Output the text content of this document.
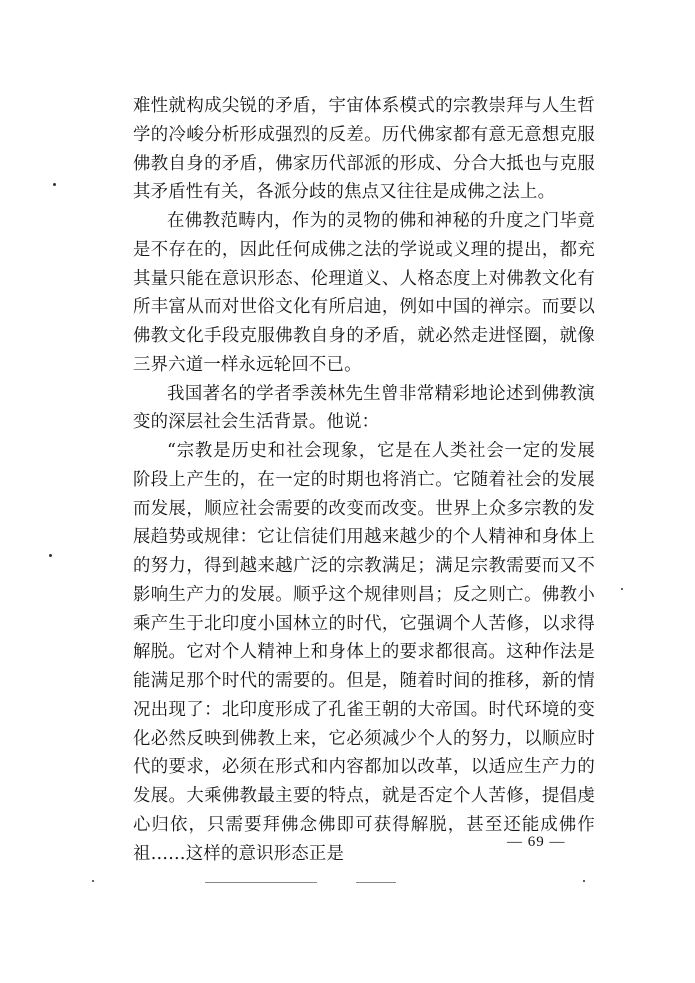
难性就构成尖锐的矛盾，宇宙体系模式的宗教崇拜与人生哲学的冷峻分析形成强烈的反差。历代佛家都有意无意想克服佛教自身的矛盾，佛家历代部派的形成、分合大抵也与克服其矛盾性有关，各派分歧的焦点又往往是成佛之法上。

在佛教范畴内，作为的灵物的佛和神秘的升度之门毕竟是不存在的，因此任何成佛之法的学说或义理的提出，都充其量只能在意识形态、伦理道义、人格态度上对佛教文化有所丰富从而对世俗文化有所启迪，例如中国的禅宗。而要以佛教文化手段克服佛教自身的矛盾，就必然走进怪圈，就像三界六道一样永远轮回不已。

我国著名的学者季羡林先生曾非常精彩地论述到佛教演变的深层社会生活背景。他说：

“宗教是历史和社会现象，它是在人类社会一定的发展阶段上产生的，在一定的时期也将消亡。它随着社会的发展而发展，顺应社会需要的改变而改变。世界上众多宗教的发展趋势或规律：它让信徒们用越来越少的个人精神和身体上的努力，得到越来越广泛的宗教满足；满足宗教需要而又不影响生产力的发展。顺乎这个规律则昌；反之则亡。佛教小乘产生于北印度小国林立的时代，它强调个人苦修，以求得解脱。它对个人精神上和身体上的要求都很高。这种作法是能满足那个时代的需要的。但是，随着时间的推移，新的情况出现了：北印度形成了孔雀王朝的大帝国。时代环境的变化必然反映到佛教上来，它必须减少个人的努力，以顺应时代的要求，必须在形式和内容都加以改革，以适应生产力的发展。大乘佛教最主要的特点，就是否定个人苦修，提倡虔心归依，只需要拜佛念佛即可获得解脱，甚至还能成佛作祖……这样的意识形态正是

— 69 —
